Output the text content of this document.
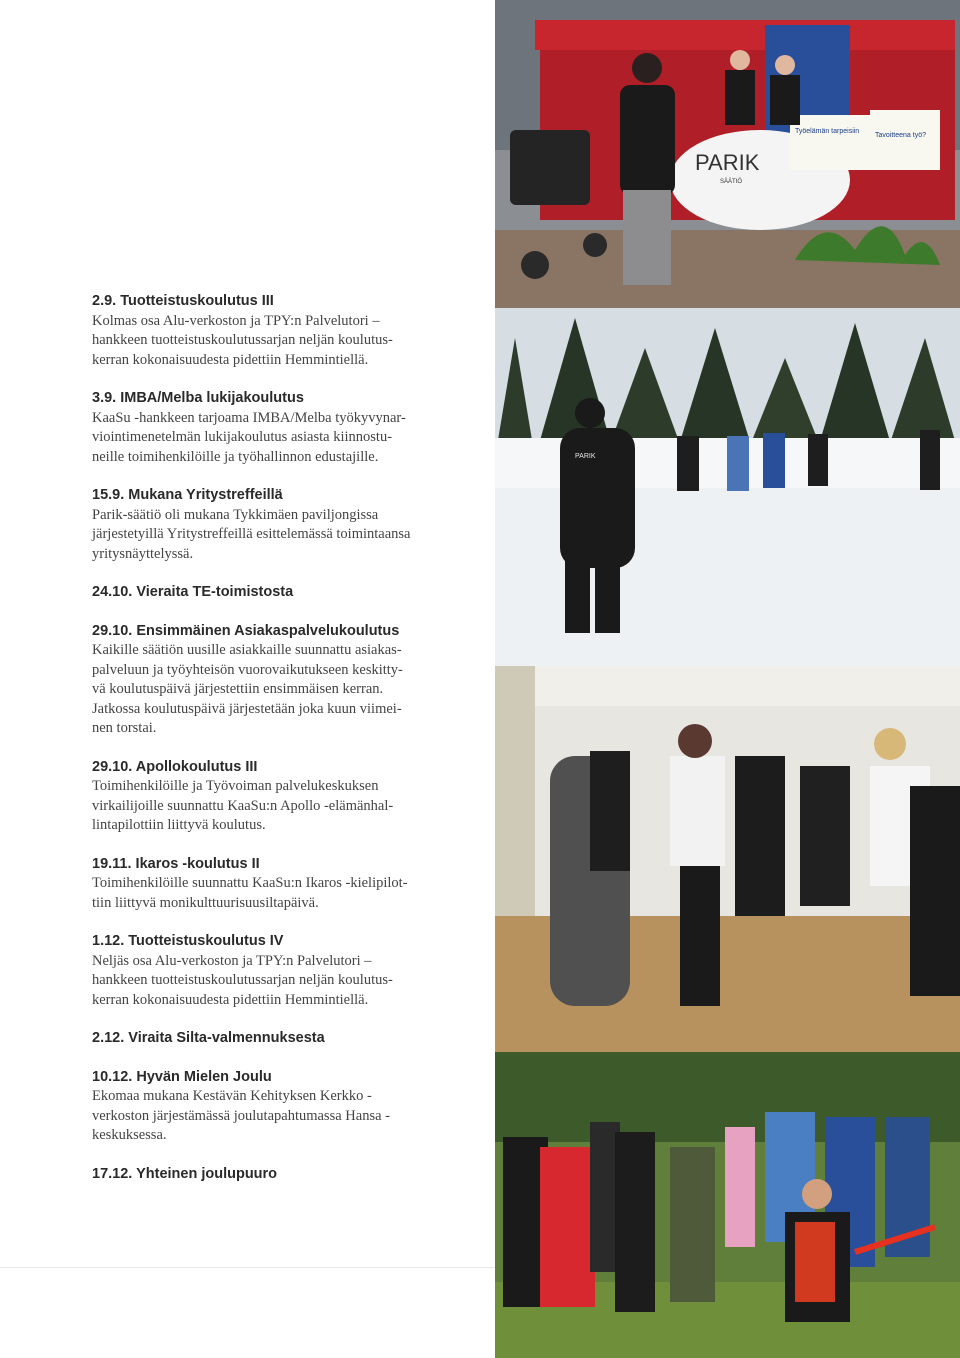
2.9. Tuotteistuskoulutus III

Kolmas osa Alu-verkoston ja TPY:n Palvelutori –
hankkeen tuotteistuskoulutussarjan neljän koulutus-
kerran kokonaisuudesta pidettiin Hemmintiellä.

3.9. IMBA/Melba lukijakoulutus

KaaSu -hankkeen tarjoama IMBA/Melba työkyvynar-
viointimenetelmän lukijakoulutus asiasta kiinnostu-
neille toimihenkilöille ja työhallinnon edustajille.

15.9. Mukana Yritystreffeillä

Parik-säätiö oli mukana Tykkimäen paviljongissa
järjestetyillä Yritystreffeillä esittelemässä toimintaansa
yritysnäyttelyssä.

24.10. Vieraita TE-toimistosta

29.10. Ensimmäinen Asiakaspalvelukoulutus

Kaikille säätiön uusille asiakkaille suunnattu asiakas-
palveluun ja työyhteisön vuorovaikutukseen keskitty-
vä koulutuspäivä järjestettiin ensimmäisen kerran.
Jatkossa koulutuspäivä järjestetään joka kuun viimei-
nen torstai.

29.10. Apollokoulutus III

Toimihenkilöille ja Työvoiman palvelukeskuksen
virkailijoille suunnattu KaaSu:n Apollo -elämänhal-
lintapilottiin liittyvä koulutus.

19.11. Ikaros -koulutus II

Toimihenkilöille suunnattu KaaSu:n Ikaros -kielipilot-
tiin liittyvä monikulttuurisuusiltapäivä.

1.12. Tuotteistuskoulutus IV

Neljäs osa Alu-verkoston ja TPY:n Palvelutori –
hankkeen tuotteistuskoulutussarjan neljän koulutus-
kerran kokonaisuudesta pidettiin Hemmintiellä.

2.12. Viraita Silta-valmennuksesta

10.12. Hyvän Mielen Joulu

Ekomaa mukana Kestävän Kehityksen Kerkko -
verkoston järjestämässä joulutapahtumassa Hansa -
keskuksessa.

17.12. Yhteinen joulupuuro

PARIK
SÄÄTIÖ
Työelämän tarpeisiin
Tavoitteena työ?
PARIK
